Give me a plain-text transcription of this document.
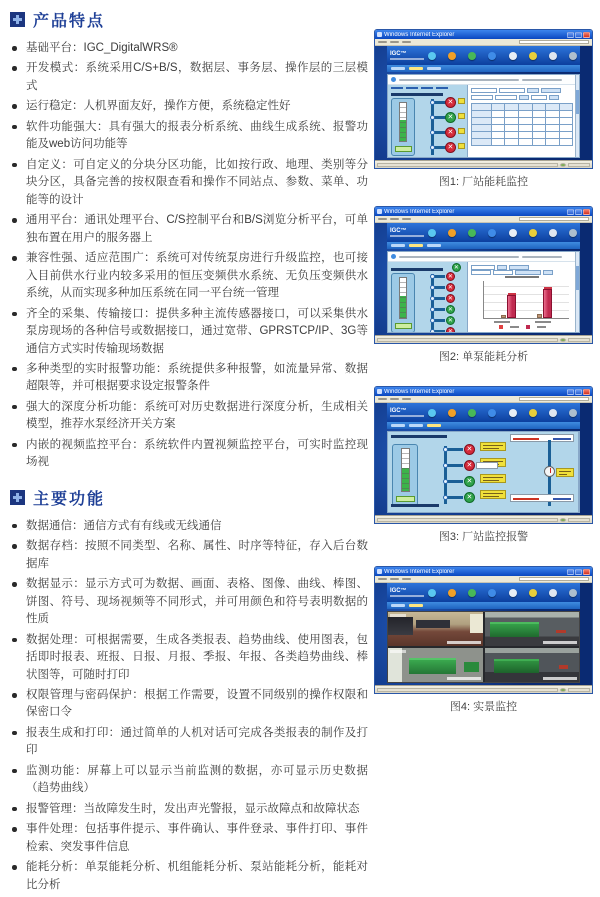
产品特点
基础平台：IGC_DigitalWRS®
开发模式：系统采用C/S+B/S，数据层、事务层、操作层的三层模式
运行稳定：人机界面友好，操作方便，系统稳定性好
软件功能强大：具有强大的报表分析系统、曲线生成系统、报警功能及web访问功能等
自定义：可自定义的分块分区功能，比如按行政、地理、类别等分块分区，具备完善的按权限查看和操作不同站点、参数、菜单、功能等的设计
通用平台：通讯处理平台、C/S控制平台和B/S浏览分析平台，可单独布置在用户的服务器上
兼容性强、适应范围广：系统可对传统泵房进行升级监控，也可接入目前供水行业内较多采用的恒压变频供水系统、无负压变频供水系统，从而实现多种加压系统在同一平台统一管理
齐全的采集、传输接口：提供多种主流传感器接口，可以采集供水泵房现场的各种信号或数据接口，通过宽带、GPRSTCP/IP、3G等通信方式实时传输现场数据
多种类型的实时报警功能：系统提供多种报警，如流量异常、数据超限等，并可根据要求设定报警条件
强大的深度分析功能：系统可对历史数据进行深度分析，生成相关模型，推荐水泵经济开关方案
内嵌的视频监控平台：系统软件内置视频监控平台，可实时监控现场视
主要功能
数据通信：通信方式有有线或无线通信
数据存档：按照不同类型、名称、属性、时序等特征，存入后台数据库
数据显示：显示方式可为数据、画面、表格、图像、曲线、棒图、饼图、符号、现场视频等不同形式，并可用颜色和符号表明数据的性质
数据处理：可根据需要，生成各类报表、趋势曲线、使用图表，包括即时报表、班报、日报、月报、季报、年报、各类趋势曲线、棒状图等，可随时打印
权限管理与密码保护：根据工作需要，设置不同级别的操作权限和保密口令
报表生成和打印：通过简单的人机对话可完成各类报表的制作及打印
监测功能：屏幕上可以显示当前监测的数据，亦可显示历史数据（趋势曲线）
报警管理：当故障发生时，发出声光警报，显示故障点和故障状态
事件处理：包括事件提示、事件确认、事件登录、事件打印、事件检索、突发事件信息
能耗分析：单泵能耗分析、机组能耗分析、泵站能耗分析，能耗对比分析
Windows Internet Explorer
IGC™
✕
✕
✕
✕
图1: 厂站能耗监控
Windows Internet Explorer
IGC™
✕
✕
✕
✕
✕
✕
✕
图2: 单泵能耗分析
Windows Internet Explorer
IGC™
✕
✕
✕
✕
图3: 厂站监控报警
Windows Internet Explorer
IGC™
图4: 实景监控
